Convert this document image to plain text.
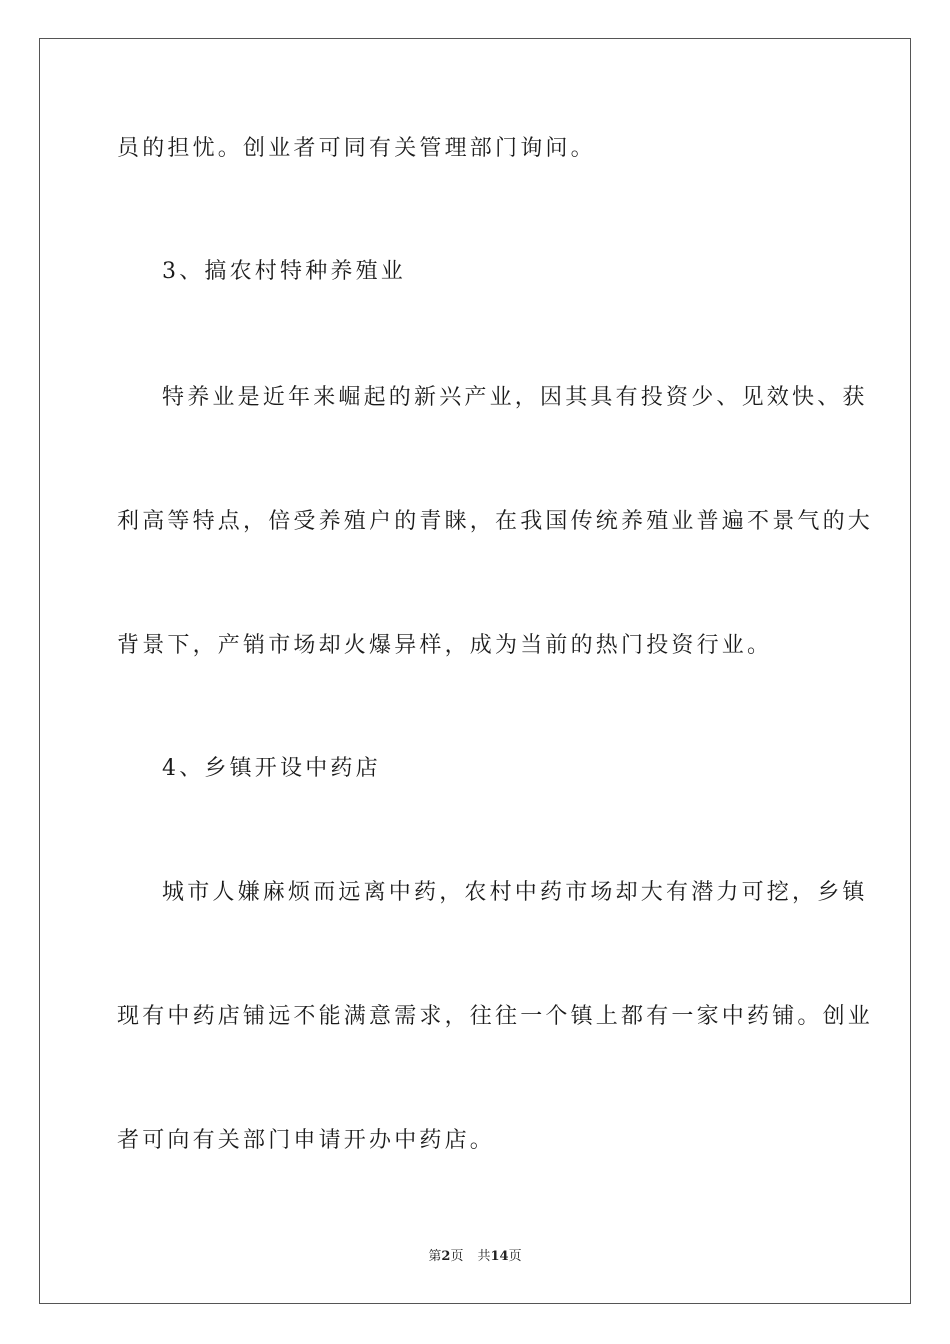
员的担忧。创业者可同有关管理部门询问。
3、搞农村特种养殖业
特养业是近年来崛起的新兴产业，因其具有投资少、见效快、获
利高等特点，倍受养殖户的青睐，在我国传统养殖业普遍不景气的大
背景下，产销市场却火爆异样，成为当前的热门投资行业。
4、乡镇开设中药店
城市人嫌麻烦而远离中药，农村中药市场却大有潜力可挖，乡镇
现有中药店铺远不能满意需求，往往一个镇上都有一家中药铺。创业
者可向有关部门申请开办中药店。
第2页 共14页
